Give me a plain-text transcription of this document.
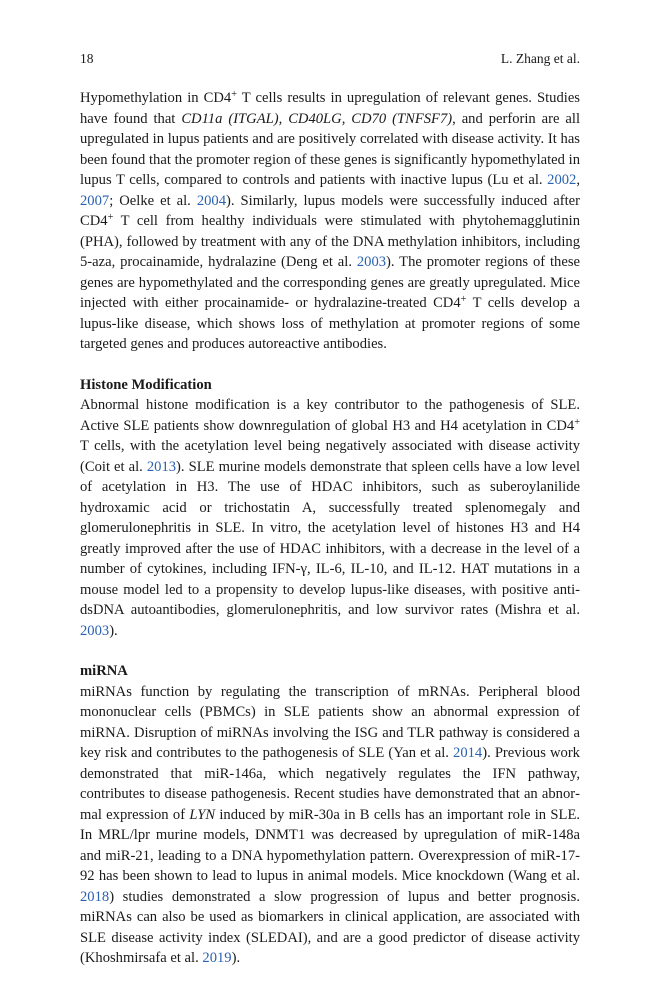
18	L. Zhang et al.

Hypomethylation in CD4+ T cells results in upregulation of relevant genes. Studies have found that CD11a (ITGAL), CD40LG, CD70 (TNFSF7), and perforin are all upregulated in lupus patients and are positively correlated with disease activity. It has been found that the promoter region of these genes is significantly hypomethylated in lupus T cells, compared to controls and patients with inactive lupus (Lu et al. 2002, 2007; Oelke et al. 2004). Similarly, lupus models were successfully induced after CD4+ T cell from healthy individuals were stimulated with phytohemagglutinin (PHA), followed by treatment with any of the DNA methylation inhibitors, including 5-aza, procainamide, hydralazine (Deng et al. 2003). The promoter regions of these genes are hypomethylated and the corresponding genes are greatly upregulated. Mice injected with either procainamide- or hydralazine-treated CD4+ T cells develop a lupus-like disease, which shows loss of methylation at promoter regions of some targeted genes and produces autoreactive antibodies.

Histone Modification

Abnormal histone modification is a key contributor to the pathogenesis of SLE. Active SLE patients show downregulation of global H3 and H4 acetylation in CD4+ T cells, with the acetylation level being negatively associated with disease activity (Coit et al. 2013). SLE murine models demonstrate that spleen cells have a low level of acetylation in H3. The use of HDAC inhibitors, such as suberoylanilide hydroxamic acid or trichostatin A, successfully treated splenomegaly and glomerulonephritis in SLE. In vitro, the acetylation level of histones H3 and H4 greatly improved after the use of HDAC inhibitors, with a decrease in the level of a number of cytokines, including IFN-γ, IL-6, IL-10, and IL-12. HAT mutations in a mouse model led to a propensity to develop lupus-like diseases, with positive anti-dsDNA autoantibodies, glomerulonephritis, and low survivor rates (Mishra et al. 2003).

miRNA

miRNAs function by regulating the transcription of mRNAs. Peripheral blood mononuclear cells (PBMCs) in SLE patients show an abnormal expression of miRNA. Disruption of miRNAs involving the ISG and TLR pathway is considered a key risk and contributes to the pathogenesis of SLE (Yan et al. 2014). Previous work demonstrated that miR-146a, which negatively regulates the IFN pathway, contributes to disease pathogenesis. Recent studies have demonstrated that an abnormal expression of LYN induced by miR-30a in B cells has an important role in SLE. In MRL/lpr murine models, DNMT1 was decreased by upregulation of miR-148a and miR-21, leading to a DNA hypomethylation pattern. Overexpression of miR-17-92 has been shown to lead to lupus in animal models. Mice knockdown (Wang et al. 2018) studies demonstrated a slow progression of lupus and better prognosis. miRNAs can also be used as biomarkers in clinical application, are associated with SLE disease activity index (SLEDAI), and are a good predictor of disease activity (Khoshmirsafa et al. 2019).
